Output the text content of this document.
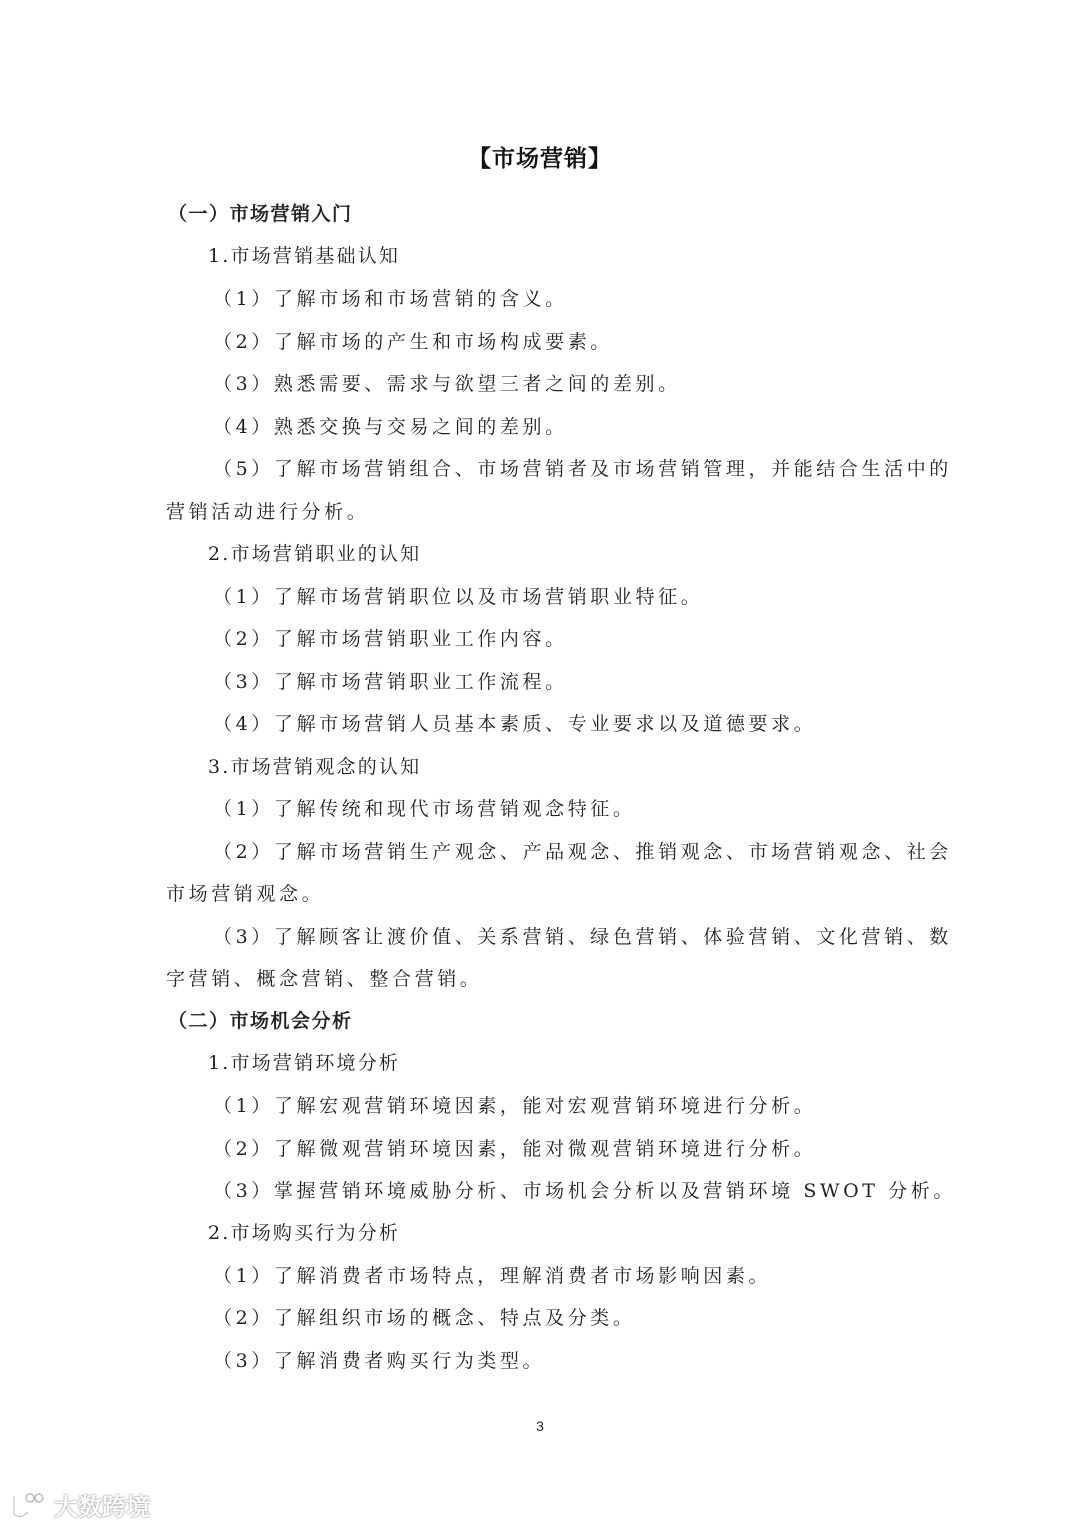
【市场营销】
（一）市场营销入门
1.市场营销基础认知
（1）了解市场和市场营销的含义。
（2）了解市场的产生和市场构成要素。
（3）熟悉需要、需求与欲望三者之间的差别。
（4）熟悉交换与交易之间的差别。
（5）了解市场营销组合、市场营销者及市场营销管理，并能结合生活中的
营销活动进行分析。
2.市场营销职业的认知
（1）了解市场营销职位以及市场营销职业特征。
（2）了解市场营销职业工作内容。
（3）了解市场营销职业工作流程。
（4）了解市场营销人员基本素质、专业要求以及道德要求。
3.市场营销观念的认知
（1）了解传统和现代市场营销观念特征。
（2）了解市场营销生产观念、产品观念、推销观念、市场营销观念、社会
市场营销观念。
（3）了解顾客让渡价值、关系营销、绿色营销、体验营销、文化营销、数
字营销、概念营销、整合营销。
（二）市场机会分析
1.市场营销环境分析
（1）了解宏观营销环境因素，能对宏观营销环境进行分析。
（2）了解微观营销环境因素，能对微观营销环境进行分析。
（3）掌握营销环境威胁分析、市场机会分析以及营销环境 SWOT 分析。
2.市场购买行为分析
（1）了解消费者市场特点，理解消费者市场影响因素。
（2）了解组织市场的概念、特点及分类。
（3）了解消费者购买行为类型。
3
大数跨境
